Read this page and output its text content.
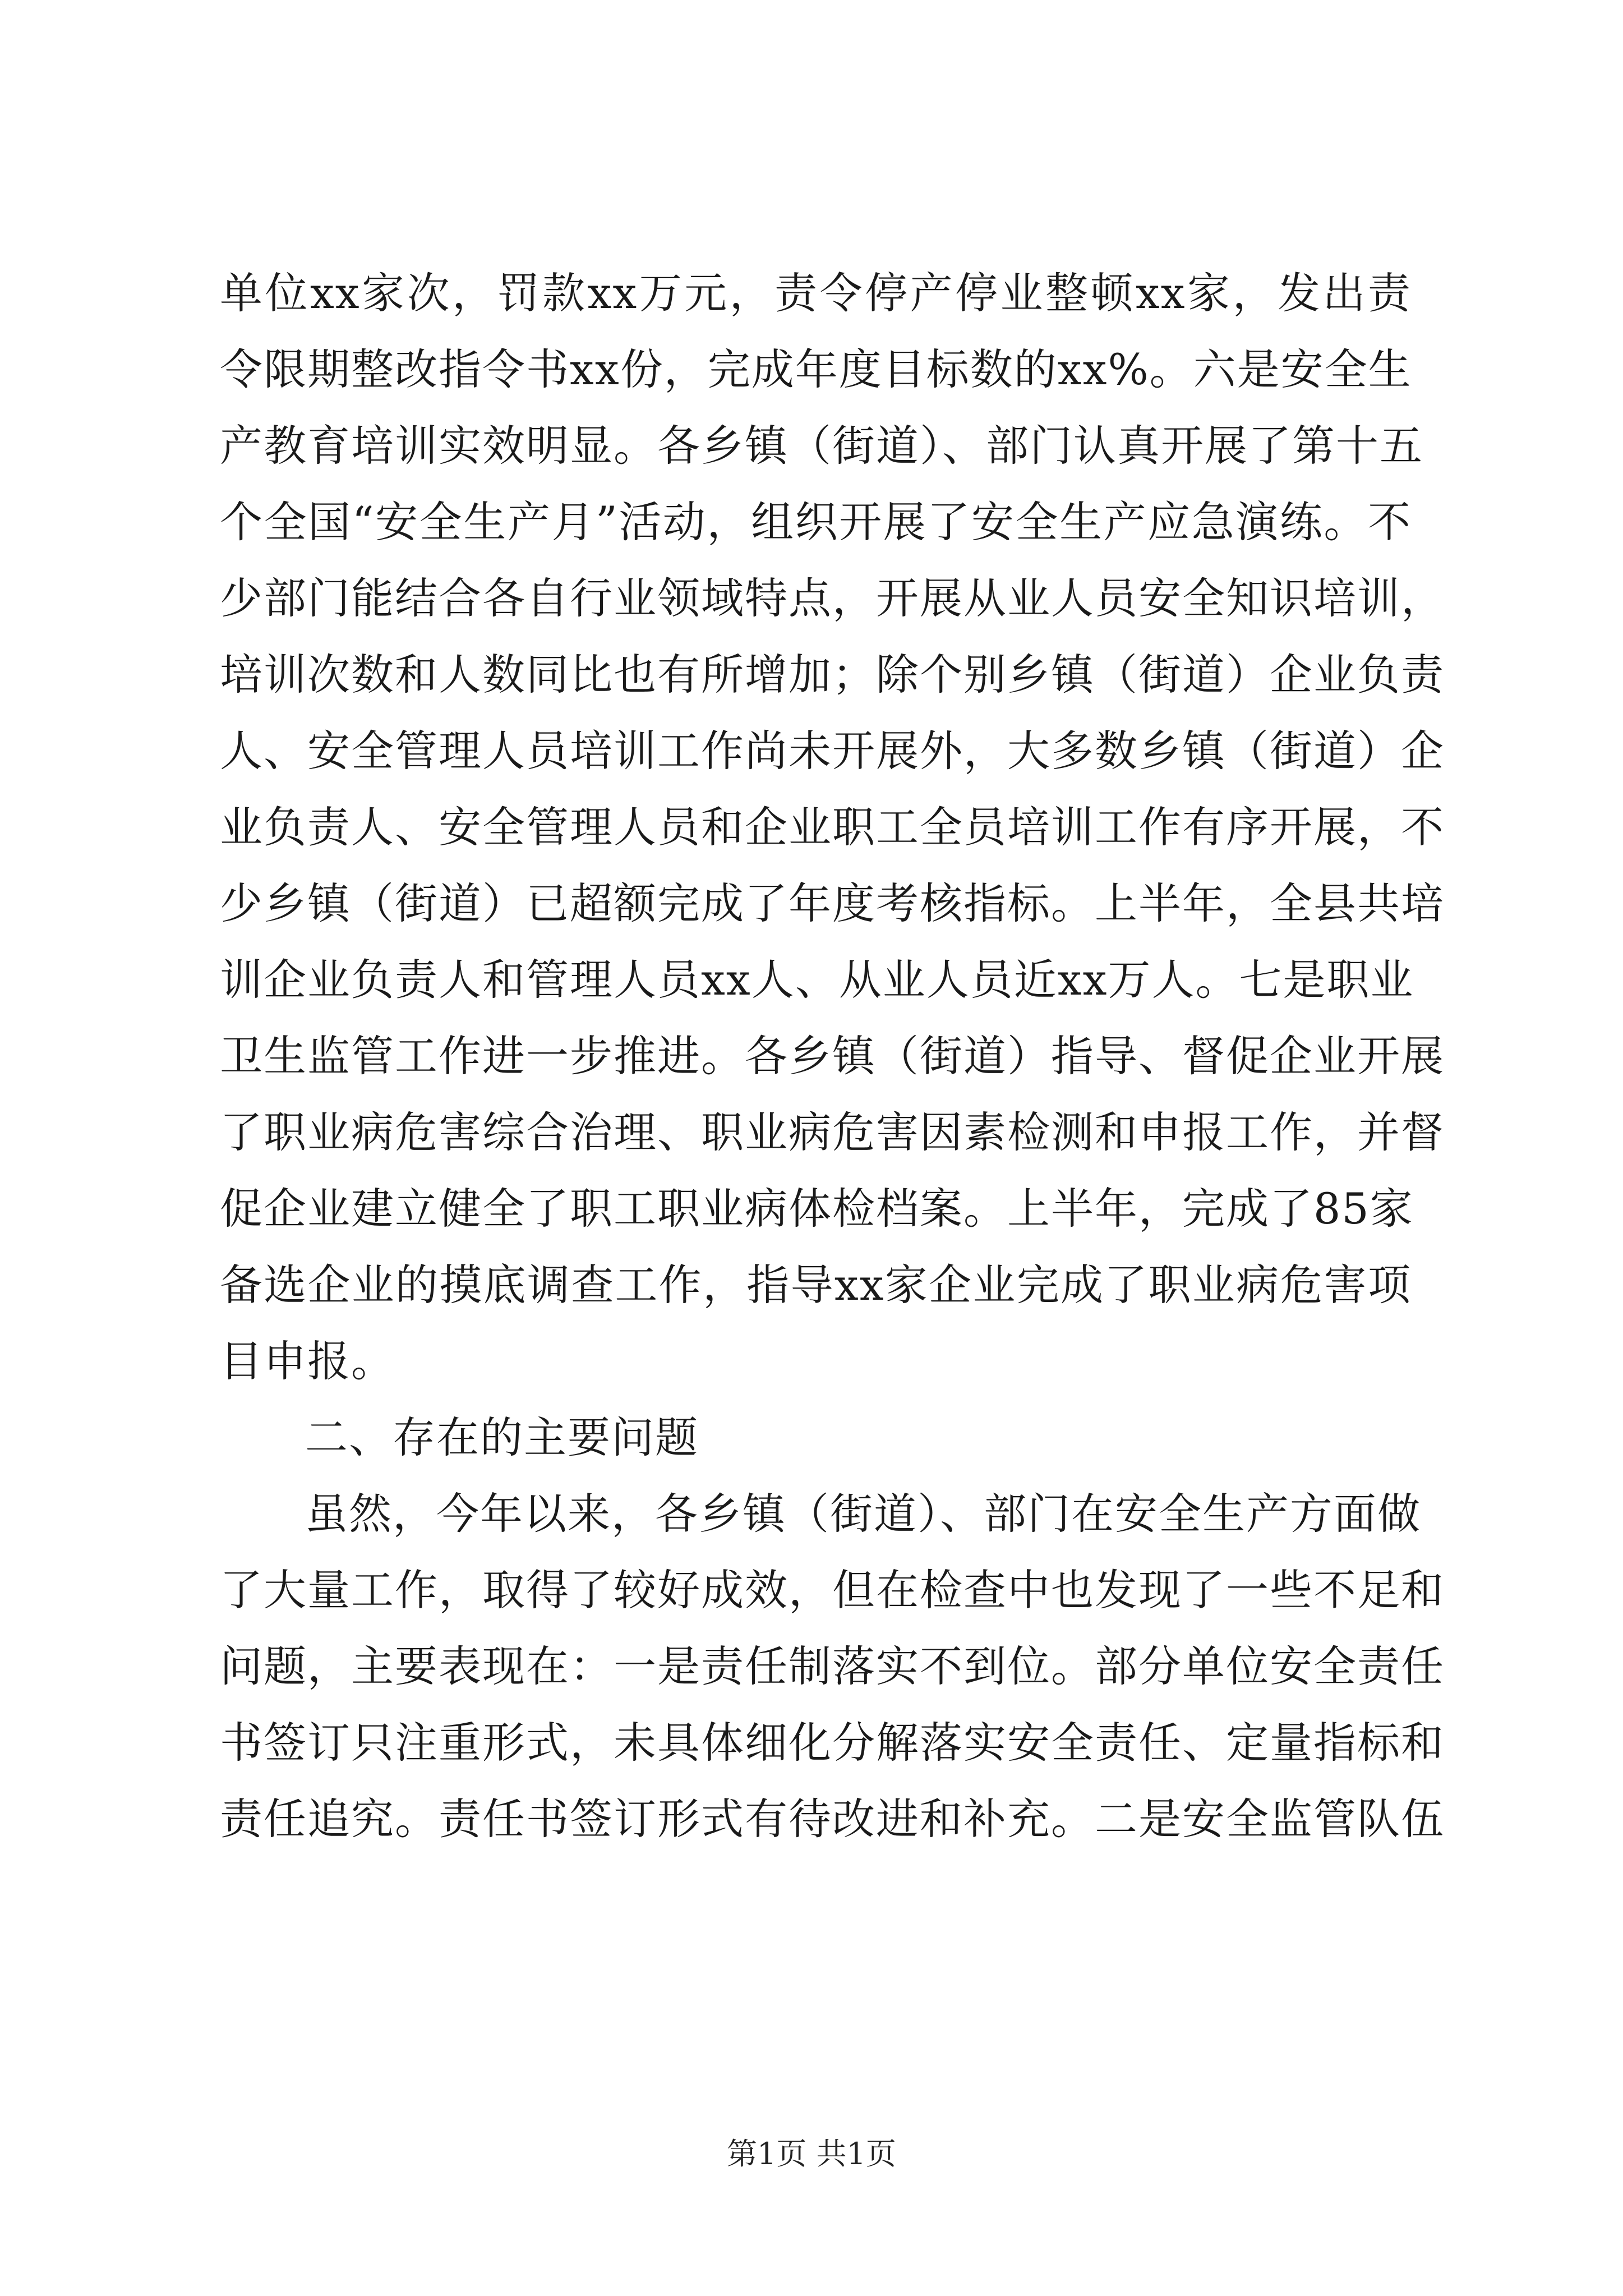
单位xx家次，罚款xx万元，责令停产停业整顿xx家，发出责
令限期整改指令书xx份，完成年度目标数的xx%。六是安全生
产教育培训实效明显。各乡镇（街道）、部门认真开展了第十五
个全国“安全生产月”活动，组织开展了安全生产应急演练。不
少部门能结合各自行业领域特点，开展从业人员安全知识培训，
培训次数和人数同比也有所增加；除个别乡镇（街道）企业负责
人、安全管理人员培训工作尚未开展外，大多数乡镇（街道）企
业负责人、安全管理人员和企业职工全员培训工作有序开展，不
少乡镇（街道）已超额完成了年度考核指标。上半年，全县共培
训企业负责人和管理人员xx人、从业人员近xx万人。七是职业
卫生监管工作进一步推进。各乡镇（街道）指导、督促企业开展
了职业病危害综合治理、职业病危害因素检测和申报工作，并督
促企业建立健全了职工职业病体检档案。上半年，完成了85家
备选企业的摸底调查工作，指导xx家企业完成了职业病危害项
目申报。
二、存在的主要问题
虽然，今年以来，各乡镇（街道）、部门在安全生产方面做
了大量工作，取得了较好成效，但在检查中也发现了一些不足和
问题，主要表现在：一是责任制落实不到位。部分单位安全责任
书签订只注重形式，未具体细化分解落实安全责任、定量指标和
责任追究。责任书签订形式有待改进和补充。二是安全监管队伍
第1页 共1页
